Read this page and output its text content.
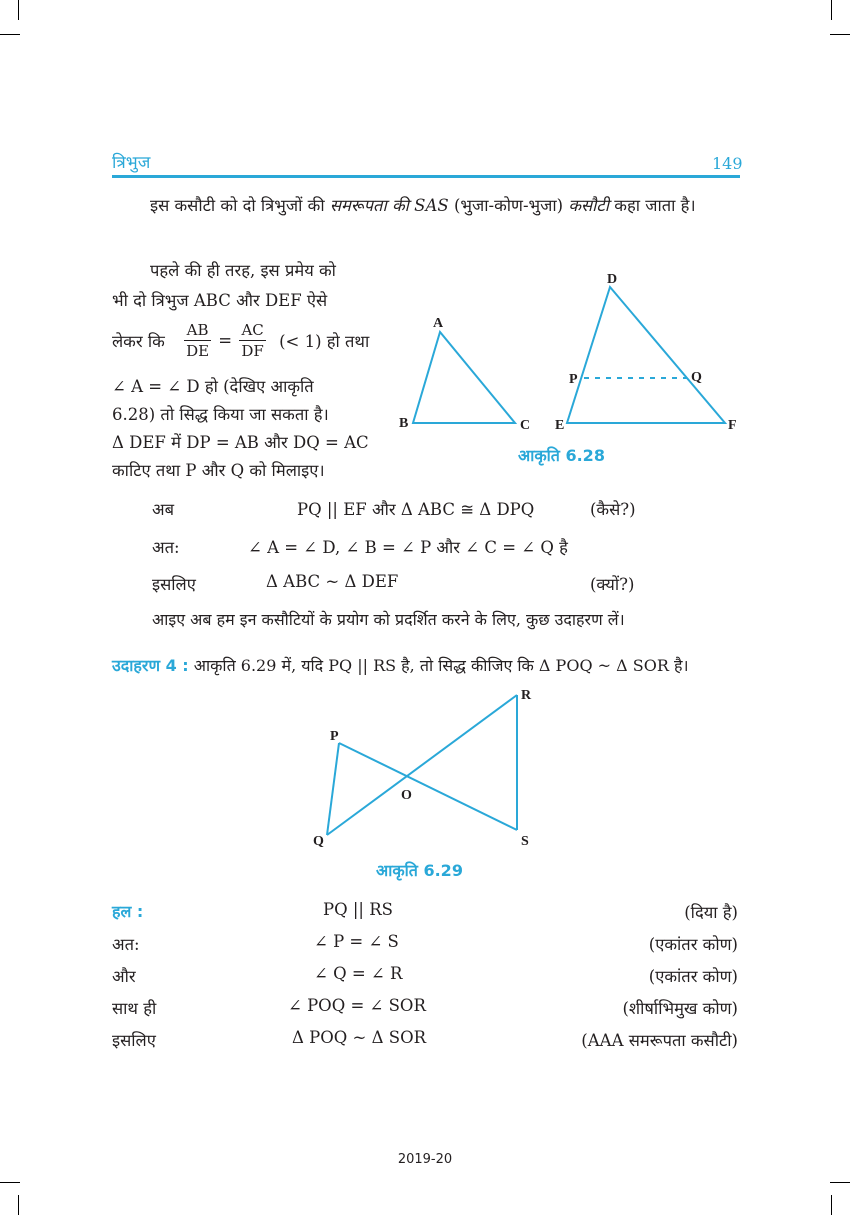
त्रिभुज	149
इस कसौटी को दो त्रिभुजों की समरूपता की SAS (भुजा-कोण-भुजा) कसौटी कहा जाता है।
पहले की ही तरह, इस प्रमेय को
भी दो त्रिभुज ABC और DEF ऐसे
लेकर कि $\frac{AB}{DE} = \frac{AC}{DF}$ (< 1) हो तथा
∠ A = ∠ D हो (देखिए आकृति
6.28) तो सिद्ध किया जा सकता है।
Δ DEF में DP = AB और DQ = AC
काटिए तथा P और Q को मिलाइए।
A
B	C
D
E	F
P	Q
आकृति 6.28
अब	PQ || EF और Δ ABC ≅ Δ DPQ	(कैसे?)
अत:	∠ A = ∠ D, ∠ B = ∠ P और ∠ C = ∠ Q है
इसलिए	Δ ABC ~ Δ DEF	(क्यों?)
आइए अब हम इन कसौटियों के प्रयोग को प्रदर्शित करने के लिए, कुछ उदाहरण लें।
उदाहरण 4 : आकृति 6.29 में, यदि PQ || RS है, तो सिद्ध कीजिए कि Δ POQ ~ Δ SOR है।
P
Q
R
S
O
आकृति 6.29
हल :	PQ || RS	(दिया है)
अत:	∠ P = ∠ S	(एकांतर कोण)
और	∠ Q = ∠ R	(एकांतर कोण)
साथ ही	∠ POQ = ∠ SOR	(शीर्षाभिमुख कोण)
इसलिए	Δ POQ ~ Δ SOR	(AAA समरूपता कसौटी)
2019-20
